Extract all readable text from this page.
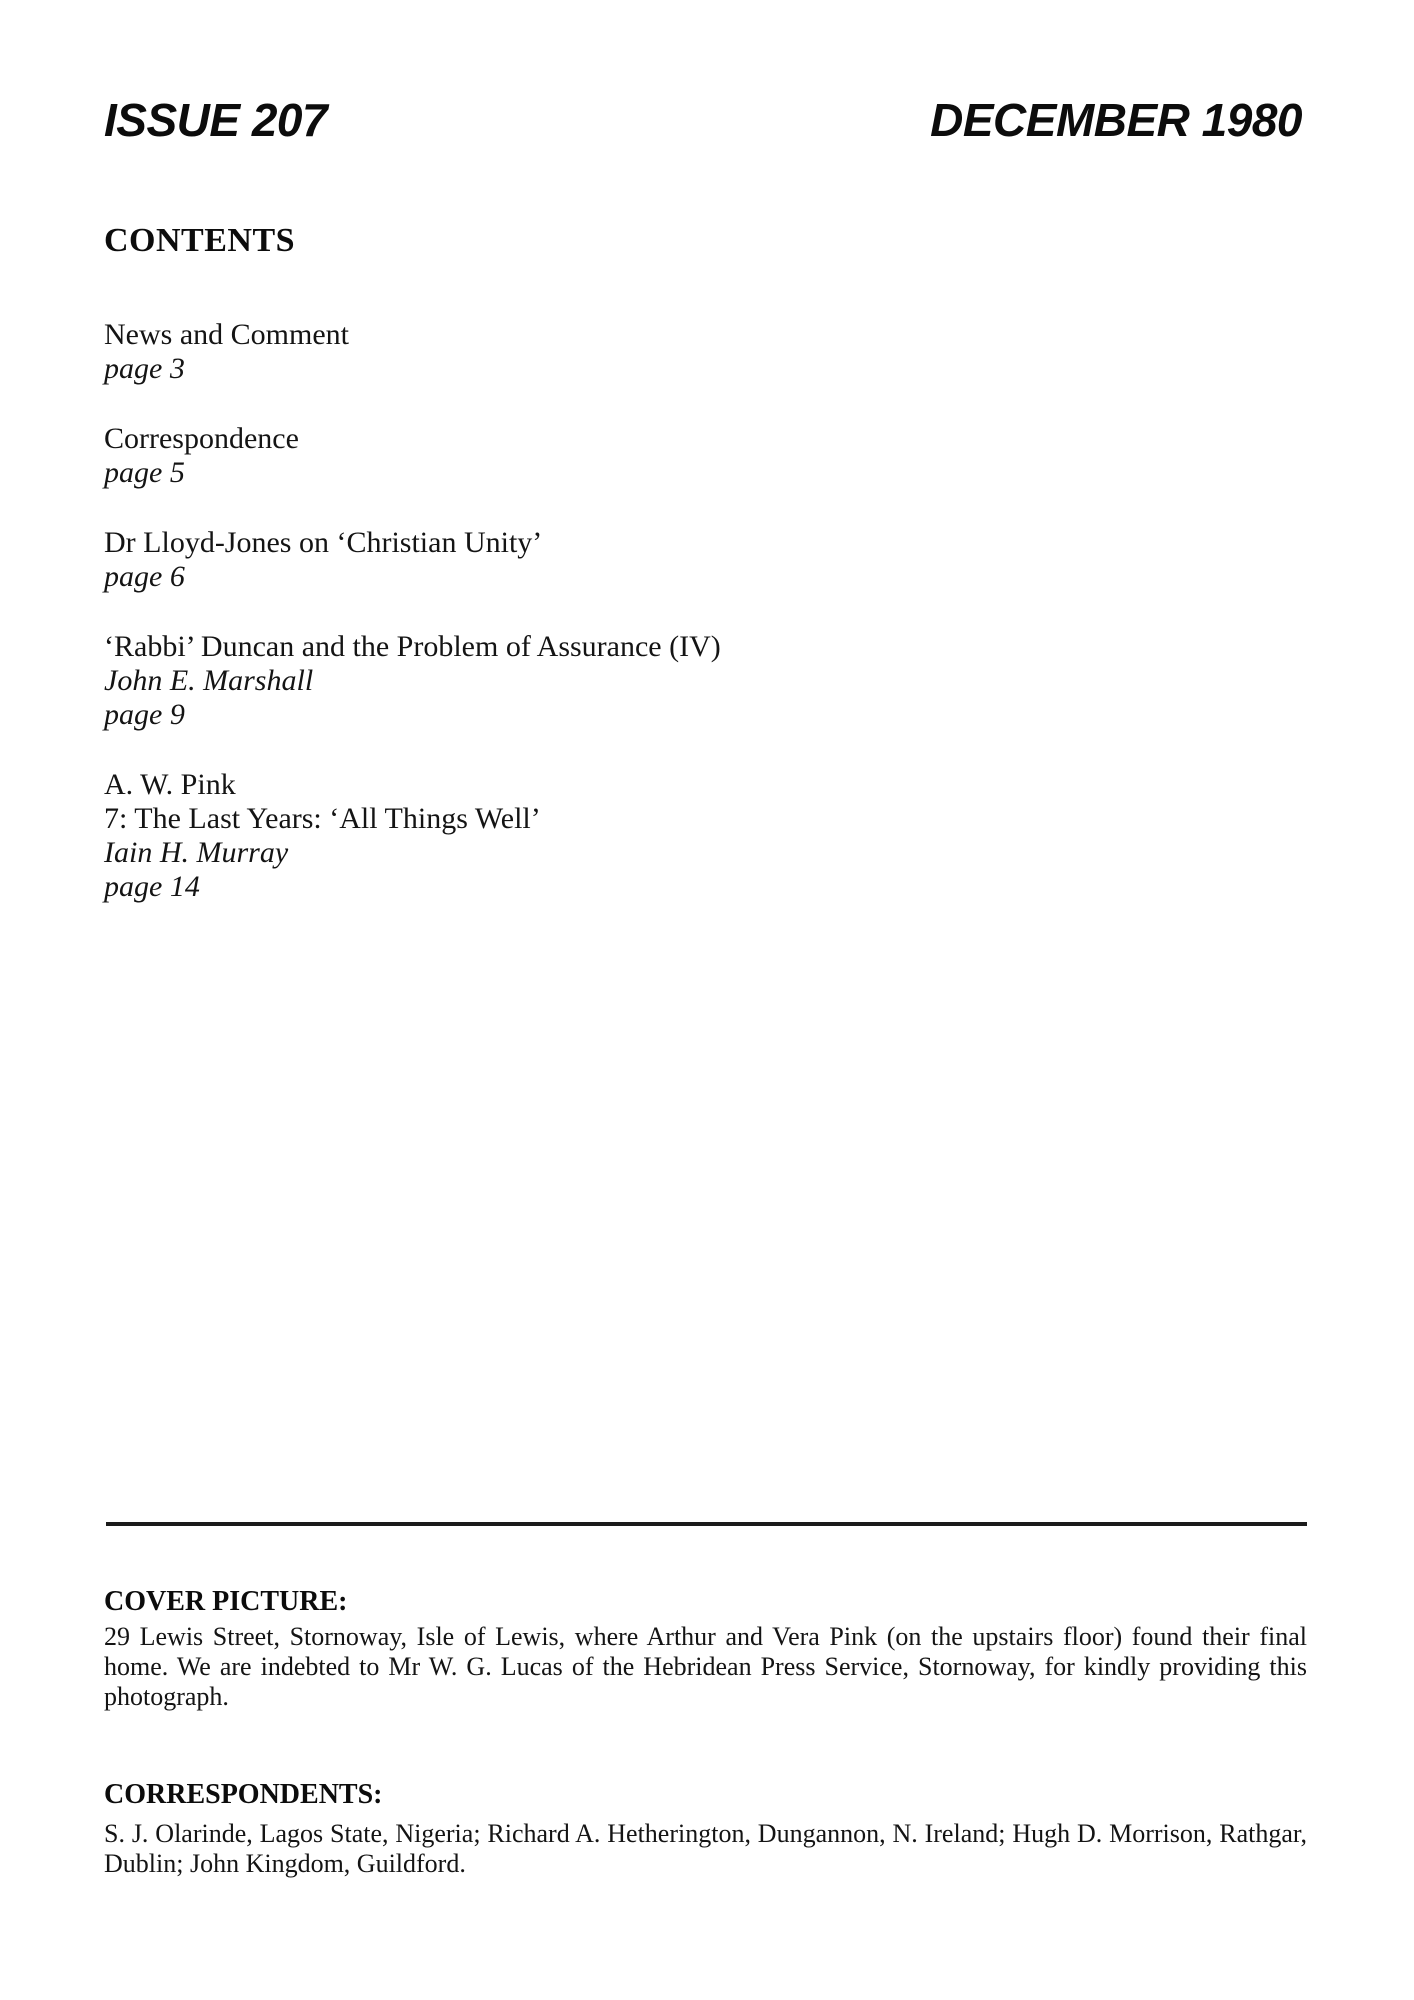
ISSUE 207	DECEMBER 1980
CONTENTS
News and Comment
page 3
Correspondence
page 5
Dr Lloyd-Jones on ‘Christian Unity’
page 6
‘Rabbi’ Duncan and the Problem of Assurance (IV)
John E. Marshall
page 9
A. W. Pink
7: The Last Years: ‘All Things Well’
Iain H. Murray
page 14
COVER PICTURE:
29 Lewis Street, Stornoway, Isle of Lewis, where Arthur and Vera Pink (on the upstairs floor) found their final home. We are indebted to Mr W. G. Lucas of the Hebridean Press Service, Stornoway, for kindly providing this photograph.
CORRESPONDENTS:
S. J. Olarinde, Lagos State, Nigeria; Richard A. Hetherington, Dungannon, N. Ireland; Hugh D. Morrison, Rathgar, Dublin; John Kingdom, Guildford.
